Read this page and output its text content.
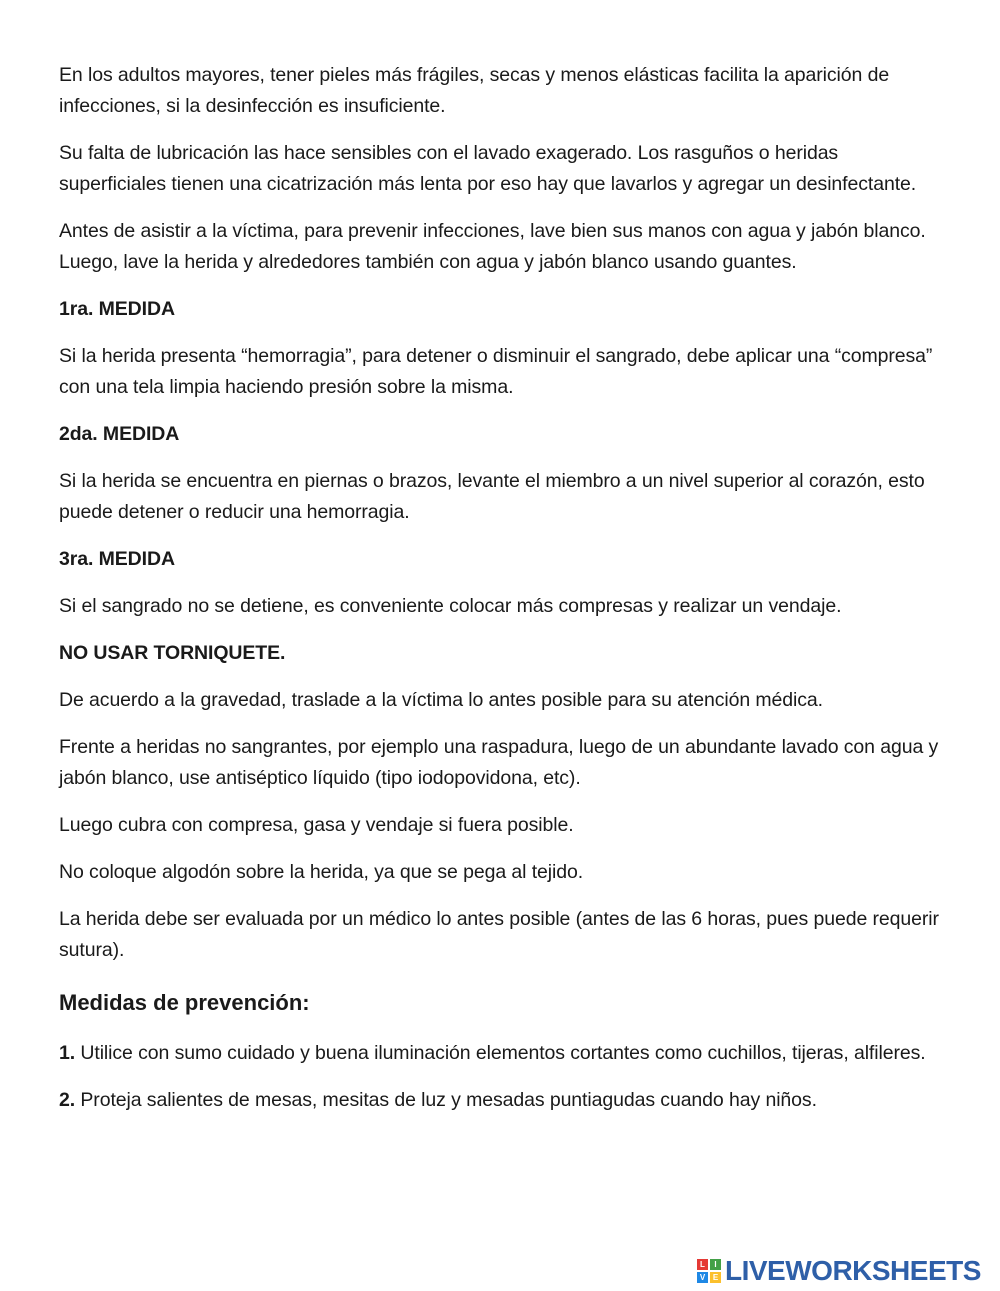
En los adultos mayores, tener pieles más frágiles, secas y menos elásticas facilita la aparición de infecciones, si la desinfección es insuficiente.

Su falta de lubricación las hace sensibles con el lavado exagerado. Los rasguños o heridas superficiales tienen una cicatrización más lenta por eso hay que lavarlos y agregar un desinfectante.

Antes de asistir a la víctima, para prevenir infecciones, lave bien sus manos con agua y jabón blanco. Luego, lave la herida y alrededores también con agua y jabón blanco usando guantes.

1ra. MEDIDA

Si la herida presenta “hemorragia”, para detener o disminuir el sangrado, debe aplicar una “compresa” con una tela limpia haciendo presión sobre la misma.

2da. MEDIDA

Si la herida se encuentra en piernas o brazos, levante el miembro a un nivel superior al corazón, esto puede detener o reducir una hemorragia.

3ra. MEDIDA

Si el sangrado no se detiene, es conveniente colocar más compresas y realizar un vendaje.

NO USAR TORNIQUETE.

De acuerdo a la gravedad, traslade a la víctima lo antes posible para su atención médica.

Frente a heridas no sangrantes, por ejemplo una raspadura, luego de un abundante lavado con agua y jabón blanco, use antiséptico líquido (tipo iodopovidona, etc).

Luego cubra con compresa, gasa y vendaje si fuera posible.

No coloque algodón sobre la herida, ya que se pega al tejido.

La herida debe ser evaluada por un médico lo antes posible (antes de las 6 horas, pues puede requerir sutura).

Medidas de prevención:

1. Utilice con sumo cuidado y buena iluminación elementos cortantes como cuchillos, tijeras, alfileres.

2. Proteja salientes de mesas, mesitas de luz y mesadas puntiagudas cuando hay niños.

L	I
V E LIVEWORKSHEETS
